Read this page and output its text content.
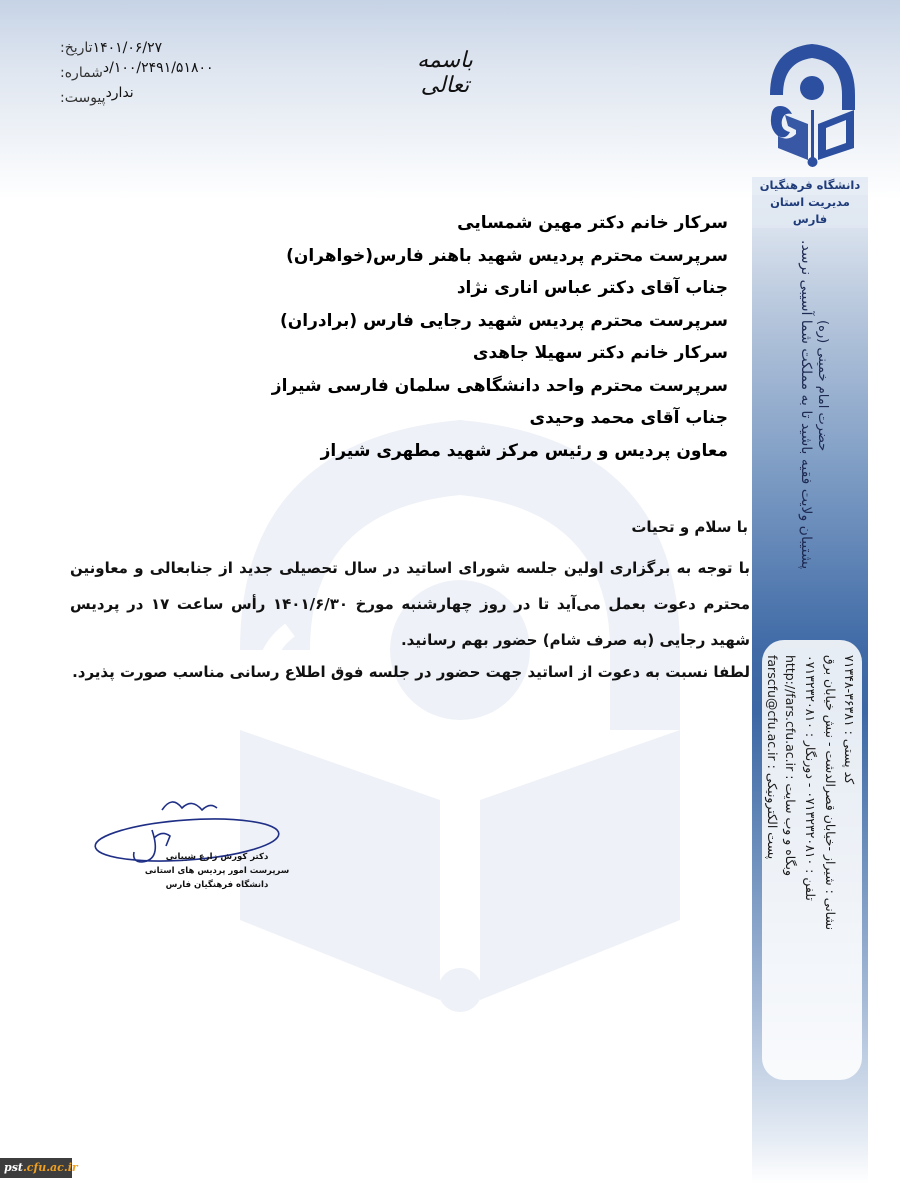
تاریخ: ۱۴۰۱/۰۶/۲۷
شماره: ۱۰۰/۲۴۹۱/۵۱۸۰۰/د
پیوست: ندارد
باسمه تعالی
دانشگاه فرهنگیان
مدیریت استان فارس
سرکار خانم دکتر مهین شمسایی
سرپرست محترم پردیس شهید باهنر فارس(خواهران)
جناب آقای دکتر عباس اناری نژاد
سرپرست محترم پردیس شهید رجایی فارس (برادران)
سرکار خانم دکتر سهیلا جاهدی
سرپرست محترم واحد دانشگاهی سلمان فارسی شیراز
جناب آقای محمد وحیدی
معاون پردیس و رئیس مرکز شهید مطهری شیراز
با سلام و تحیات
با توجه به برگزاری اولین جلسه شورای اساتید در سال تحصیلی جدید از جنابعالی و معاونین محترم دعوت بعمل می‌آید تا در روز چهارشنبه مورخ ۱۴۰۱/۶/۳۰ رأس ساعت ۱۷ در پردیس شهید رجایی (به صرف شام) حضور بهم رسانید.
لطفا نسبت به دعوت از اساتید جهت حضور در جلسه فوق اطلاع رسانی مناسب صورت پذیرد.
دکتر کورش زارع شیبانی
سرپرست امور پردیس های استانی
دانشگاه فرهنگیان فارس
پشتیبان ولایت فقیه باشید تا به مملکت شما آسیبی نرسد. حضرت امام خمینی (ره)
کد پستی : ۳۶۳۸۱-۷۱۳۴۸
نشانی : شیراز -خیابان قصرالدشت - نبش خیابان برق
تلفن : ۰۷۱۳۲۳۲۰۸۱۰ - دورنگار : ۰۷۱۳۲۳۲۰۸۱۰
وبگاه و وب سایت : http://fars.cfu.ac.ir
پست الکترونیکی : farscfu@cfu.ac.ir
pst.cfu.ac.ir
